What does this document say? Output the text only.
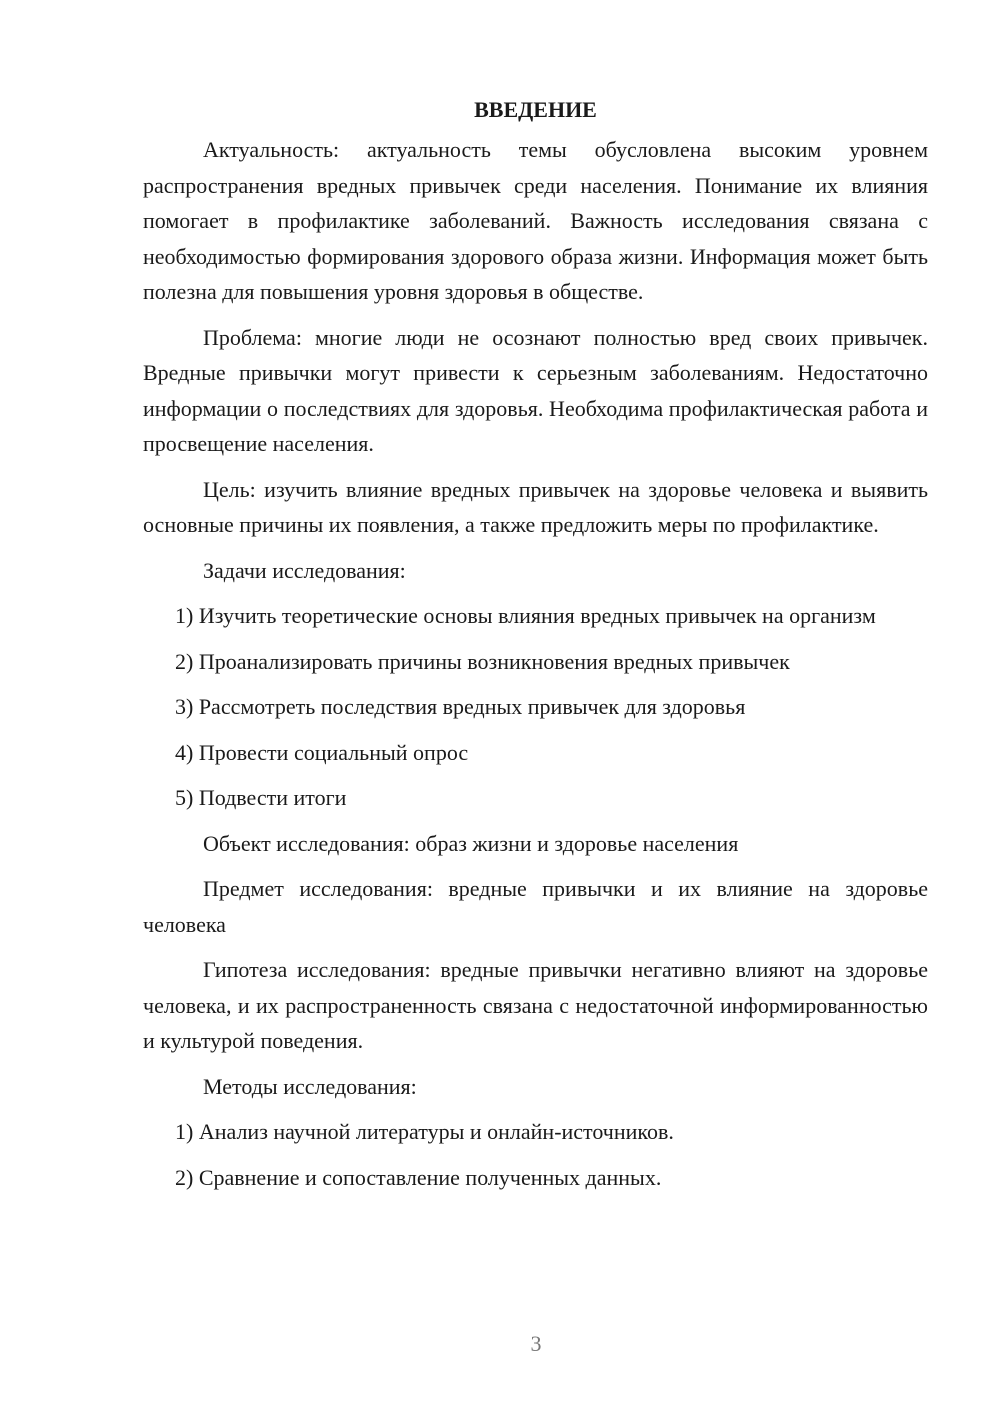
ВВЕДЕНИЕ

Актуальность: актуальность темы обусловлена высоким уровнем распространения вредных привычек среди населения. Понимание их влияния помогает в профилактике заболеваний. Важность исследования связана с необходимостью формирования здорового образа жизни. Информация может быть полезна для повышения уровня здоровья в обществе.

Проблема: многие люди не осознают полностью вред своих привычек. Вредные привычки могут привести к серьезным заболеваниям. Недостаточно информации о последствиях для здоровья. Необходима профилактическая работа и просвещение населения.

Цель: изучить влияние вредных привычек на здоровье человека и выявить основные причины их появления, а также предложить меры по профилактике.

Задачи исследования:

1) Изучить теоретические основы влияния вредных привычек на организм

2) Проанализировать причины возникновения вредных привычек

3) Рассмотреть последствия вредных привычек для здоровья

4) Провести социальный опрос

5) Подвести итоги

Объект исследования: образ жизни и здоровье населения

Предмет исследования: вредные привычки и их влияние на здоровье человека

Гипотеза исследования: вредные привычки негативно влияют на здоровье человека, и их распространенность связана с недостаточной информированностью и культурой поведения.

Методы исследования:

1) Анализ научной литературы и онлайн-источников.

2) Сравнение и сопоставление полученных данных.

3
